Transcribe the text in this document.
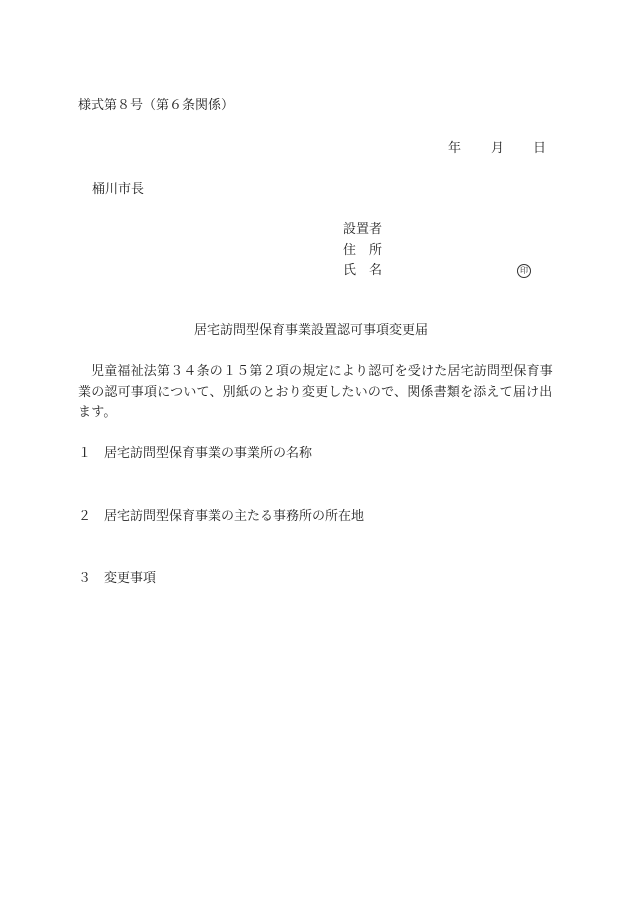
様式第８号（第６条関係）
年 月 日
桶川市長
設置者
住　所
氏　名	印
居宅訪問型保育事業設置認可事項変更届
児童福祉法第３４条の１５第２項の規定により認可を受けた居宅訪問型保育事業の認可事項について、別紙のとおり変更したいので、関係書類を添えて届け出ます。
１ 居宅訪問型保育事業の事業所の名称
２ 居宅訪問型保育事業の主たる事務所の所在地
３ 変更事項
